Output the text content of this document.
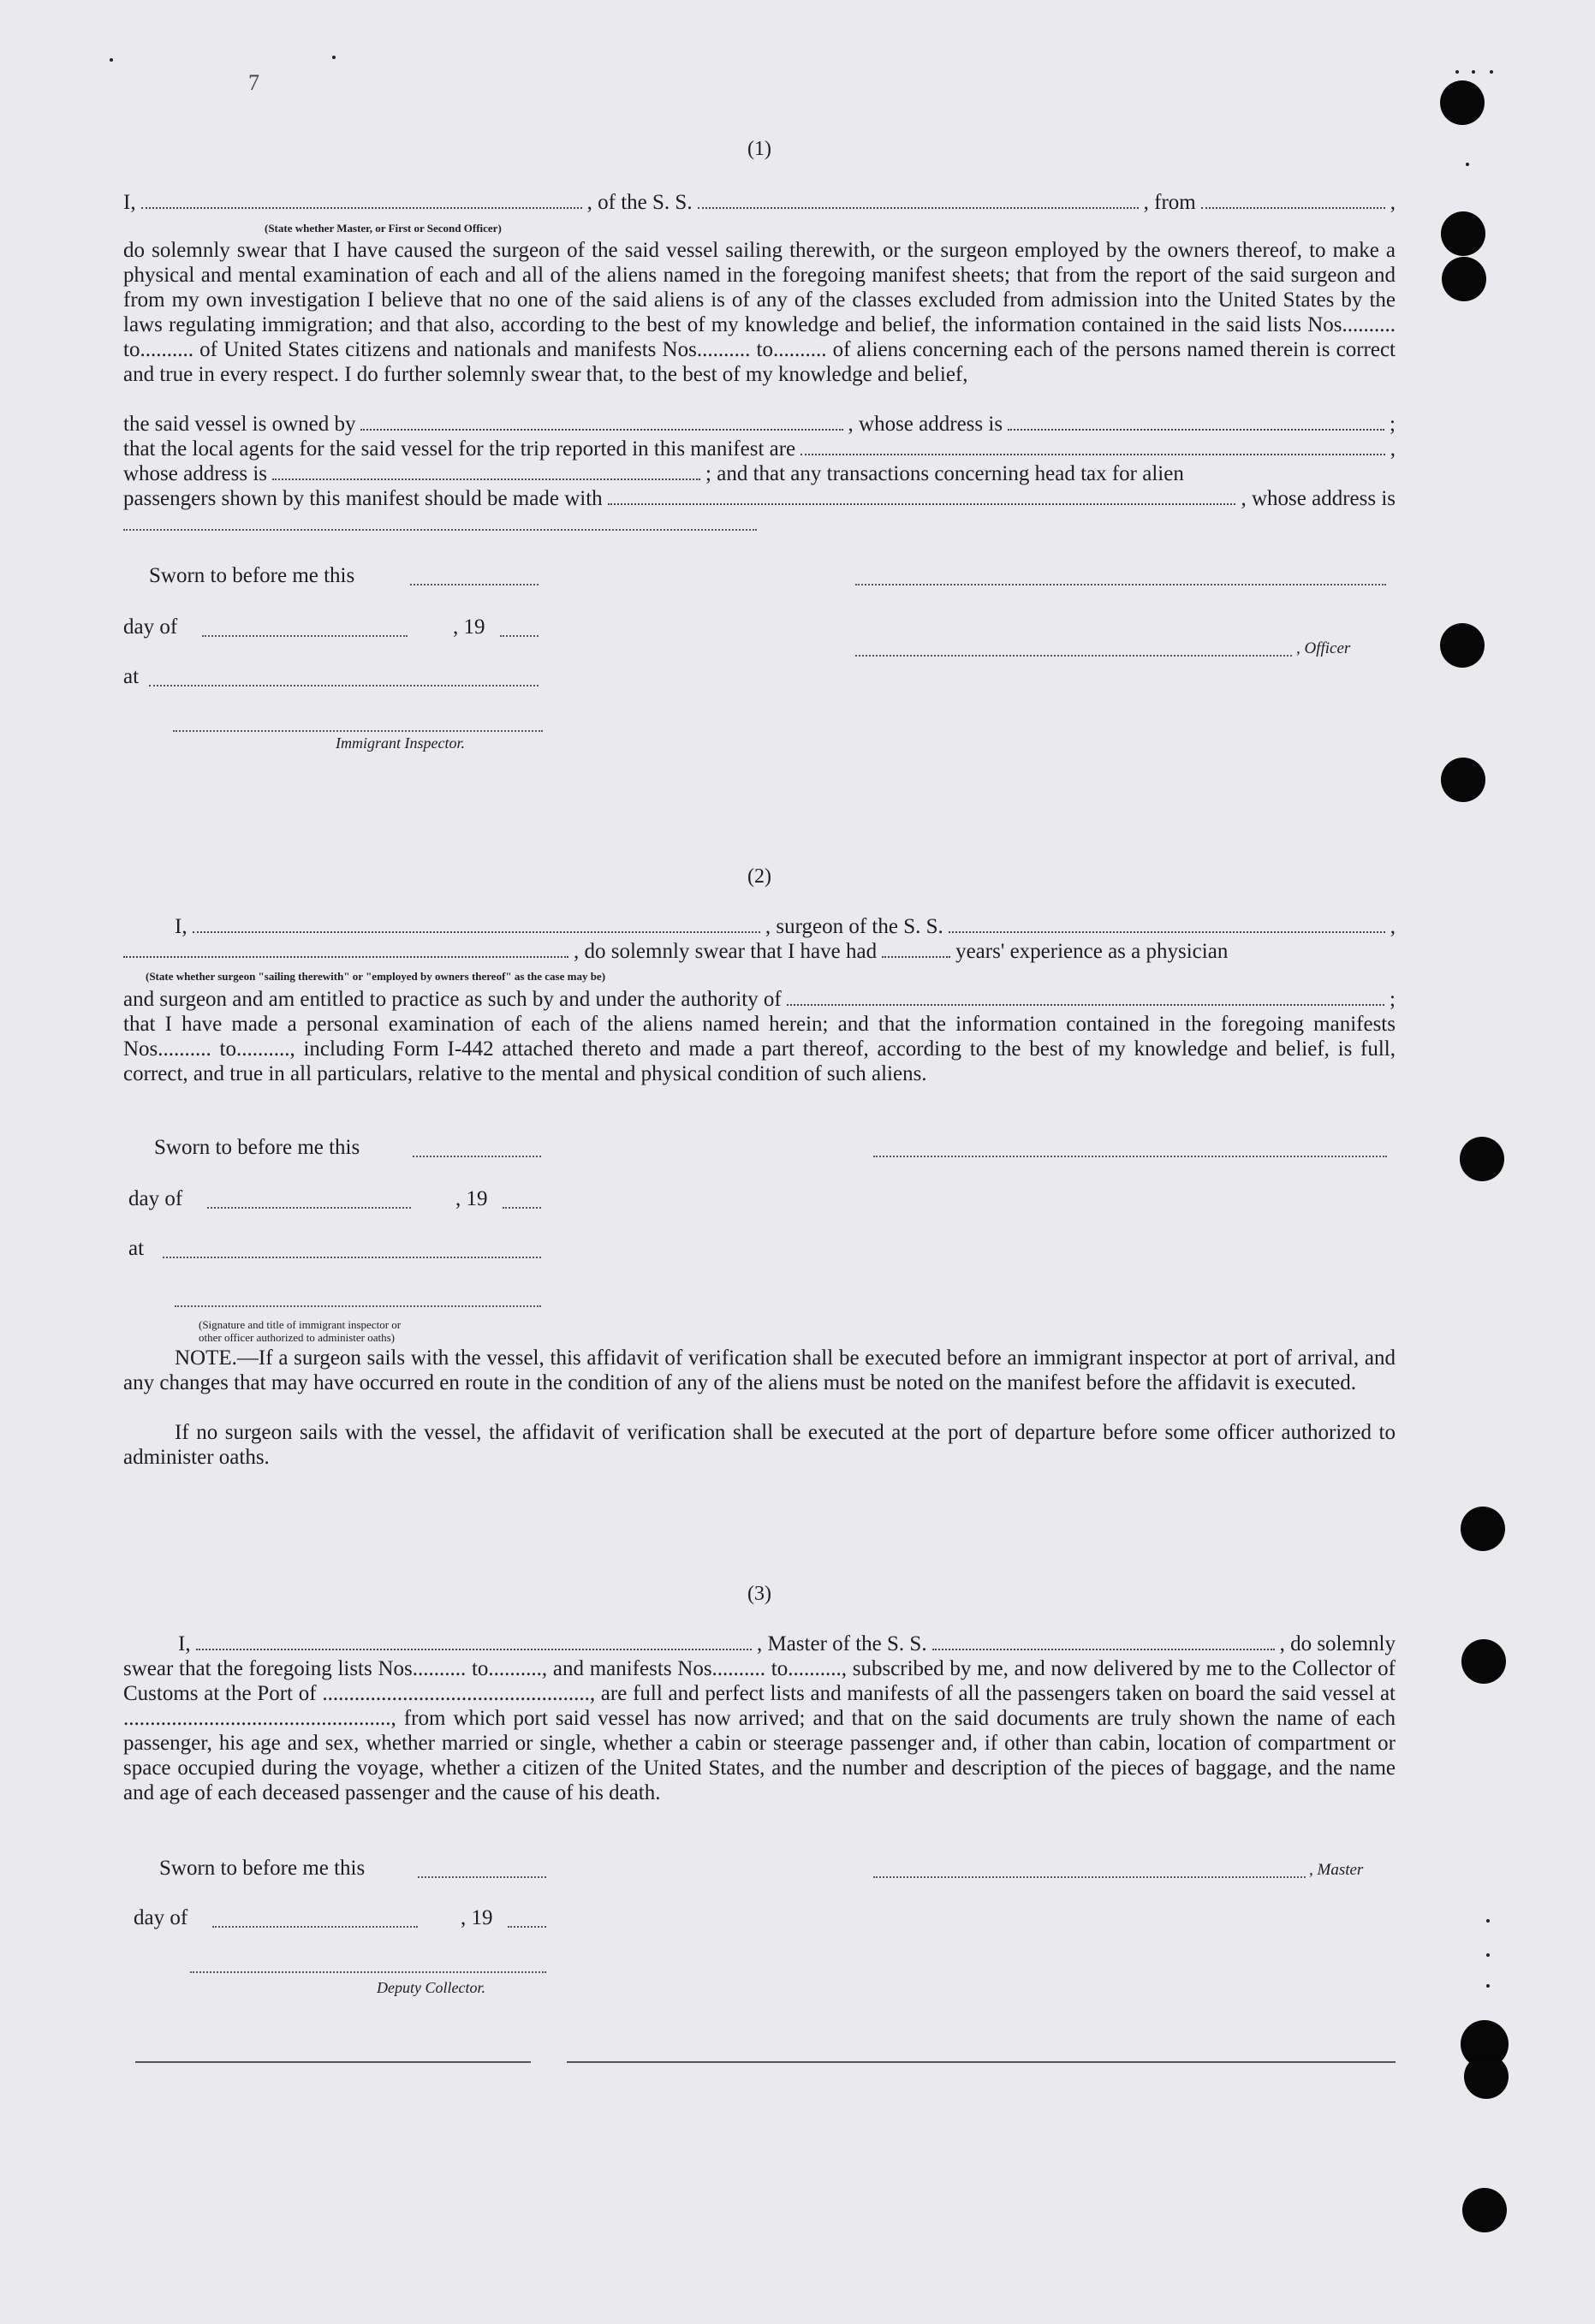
7
(1)
I,	, of the S. S.	, from	,
(State whether Master, or First or Second Officer)
do solemnly swear that I have caused the surgeon of the said vessel sailing therewith, or the surgeon employed by the owners thereof, to make a physical and mental examination of each and all of the aliens named in the foregoing manifest sheets; that from the report of the said surgeon and from my own investigation I believe that no one of the said aliens is of any of the classes excluded from admission into the United States by the laws regulating immigration; and that also, according to the best of my knowledge and belief, the information contained in the said lists Nos.......... to.......... of United States citizens and nationals and manifests Nos.......... to.......... of aliens concerning each of the persons named therein is correct and true in every respect. I do further solemnly swear that, to the best of my knowledge and belief,
the said vessel is owned by	, whose address is	;
that the local agents for the said vessel for the trip reported in this manifest are	,
whose address is	; and that any transactions concerning head tax for alien
passengers shown by this manifest should be made with	, whose address is
Sworn to before me this
day of	, 19
at
, Officer
Immigrant Inspector.
(2)
I,	, surgeon of the S. S.	,
, do solemnly swear that I have had	years' experience as a physician
(State whether surgeon "sailing therewith" or "employed by owners thereof" as the case may be)
and surgeon and am entitled to practice as such by and under the authority of	;
that I have made a personal examination of each of the aliens named herein; and that the information contained in the foregoing manifests Nos.......... to.........., including Form I-442 attached thereto and made a part thereof, according to the best of my knowledge and belief, is full, correct, and true in all particulars, relative to the mental and physical condition of such aliens.
Sworn to before me this
day of	, 19
at
(Signature and title of immigrant inspector or
other officer authorized to administer oaths)
NOTE.—If a surgeon sails with the vessel, this affidavit of verification shall be executed before an immigrant inspector at port of arrival, and any changes that may have occurred en route in the condition of any of the aliens must be noted on the manifest before the affidavit is executed.
If no surgeon sails with the vessel, the affidavit of verification shall be executed at the port of departure before some officer authorized to administer oaths.
(3)
I,	, Master of the S. S.	, do solemnly
swear that the foregoing lists Nos.......... to.........., and manifests Nos.......... to.........., subscribed by me, and now delivered by me to the Collector of Customs at the Port of .................................................., are full and perfect lists and manifests of all the passengers taken on board the said vessel at .................................................., from which port said vessel has now arrived; and that on the said documents are truly shown the name of each passenger, his age and sex, whether married or single, whether a cabin or steerage passenger and, if other than cabin, location of compartment or space occupied during the voyage, whether a citizen of the United States, and the number and description of the pieces of baggage, and the name and age of each deceased passenger and the cause of his death.
Sworn to before me this	, Master
day of	, 19
Deputy Collector.
